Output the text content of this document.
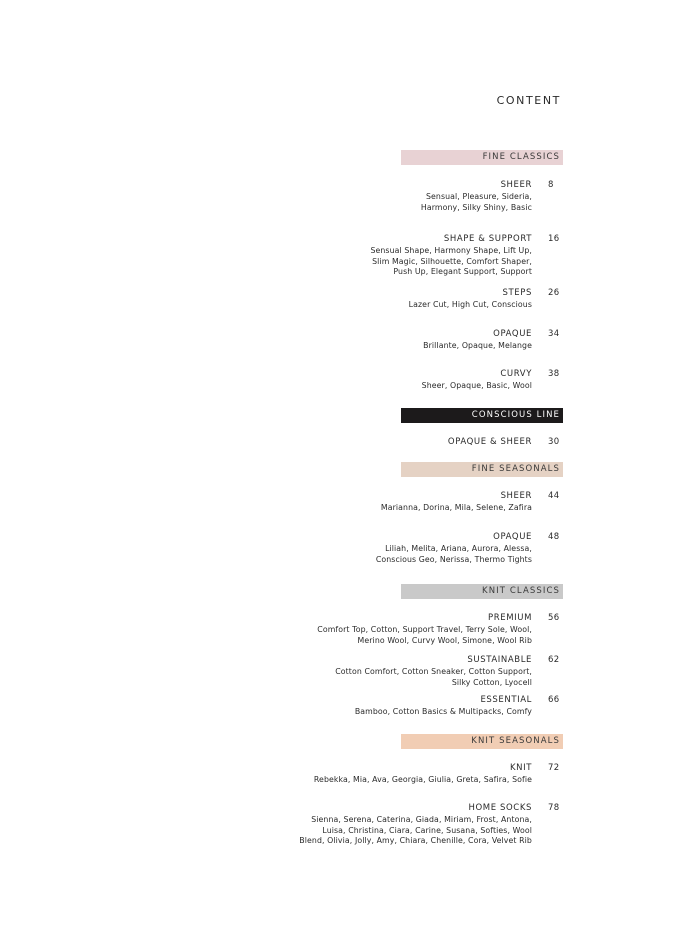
CONTENT
FINE CLASSICS
SHEER	8
Sensual, Pleasure, Sideria,
Harmony, Silky Shiny, Basic
SHAPE & SUPPORT	16
Sensual Shape, Harmony Shape, Lift Up,
Slim Magic, Silhouette, Comfort Shaper,
Push Up, Elegant Support, Support
STEPS	26
Lazer Cut, High Cut, Conscious
OPAQUE	34
Brillante, Opaque, Melange
CURVY	38
Sheer, Opaque, Basic, Wool
CONSCIOUS LINE
OPAQUE & SHEER	30
FINE SEASONALS
SHEER	44
Marianna, Dorina, Mila, Selene, Zafira
OPAQUE	48
Liliah, Melita, Ariana, Aurora, Alessa,
Conscious Geo, Nerissa, Thermo Tights
KNIT CLASSICS
PREMIUM	56
Comfort Top, Cotton, Support Travel, Terry Sole, Wool,
Merino Wool, Curvy Wool, Simone, Wool Rib
SUSTAINABLE	62
Cotton Comfort, Cotton Sneaker, Cotton Support,
Silky Cotton, Lyocell
ESSENTIAL	66
Bamboo, Cotton Basics & Multipacks, Comfy
KNIT SEASONALS
KNIT	72
Rebekka, Mia, Ava, Georgia, Giulia, Greta, Safira, Sofie
HOME SOCKS	78
Sienna, Serena, Caterina, Giada, Miriam, Frost, Antona,
Luisa, Christina, Ciara, Carine, Susana, Softies, Wool
Blend, Olivia, Jolly, Amy, Chiara, Chenille, Cora, Velvet Rib
